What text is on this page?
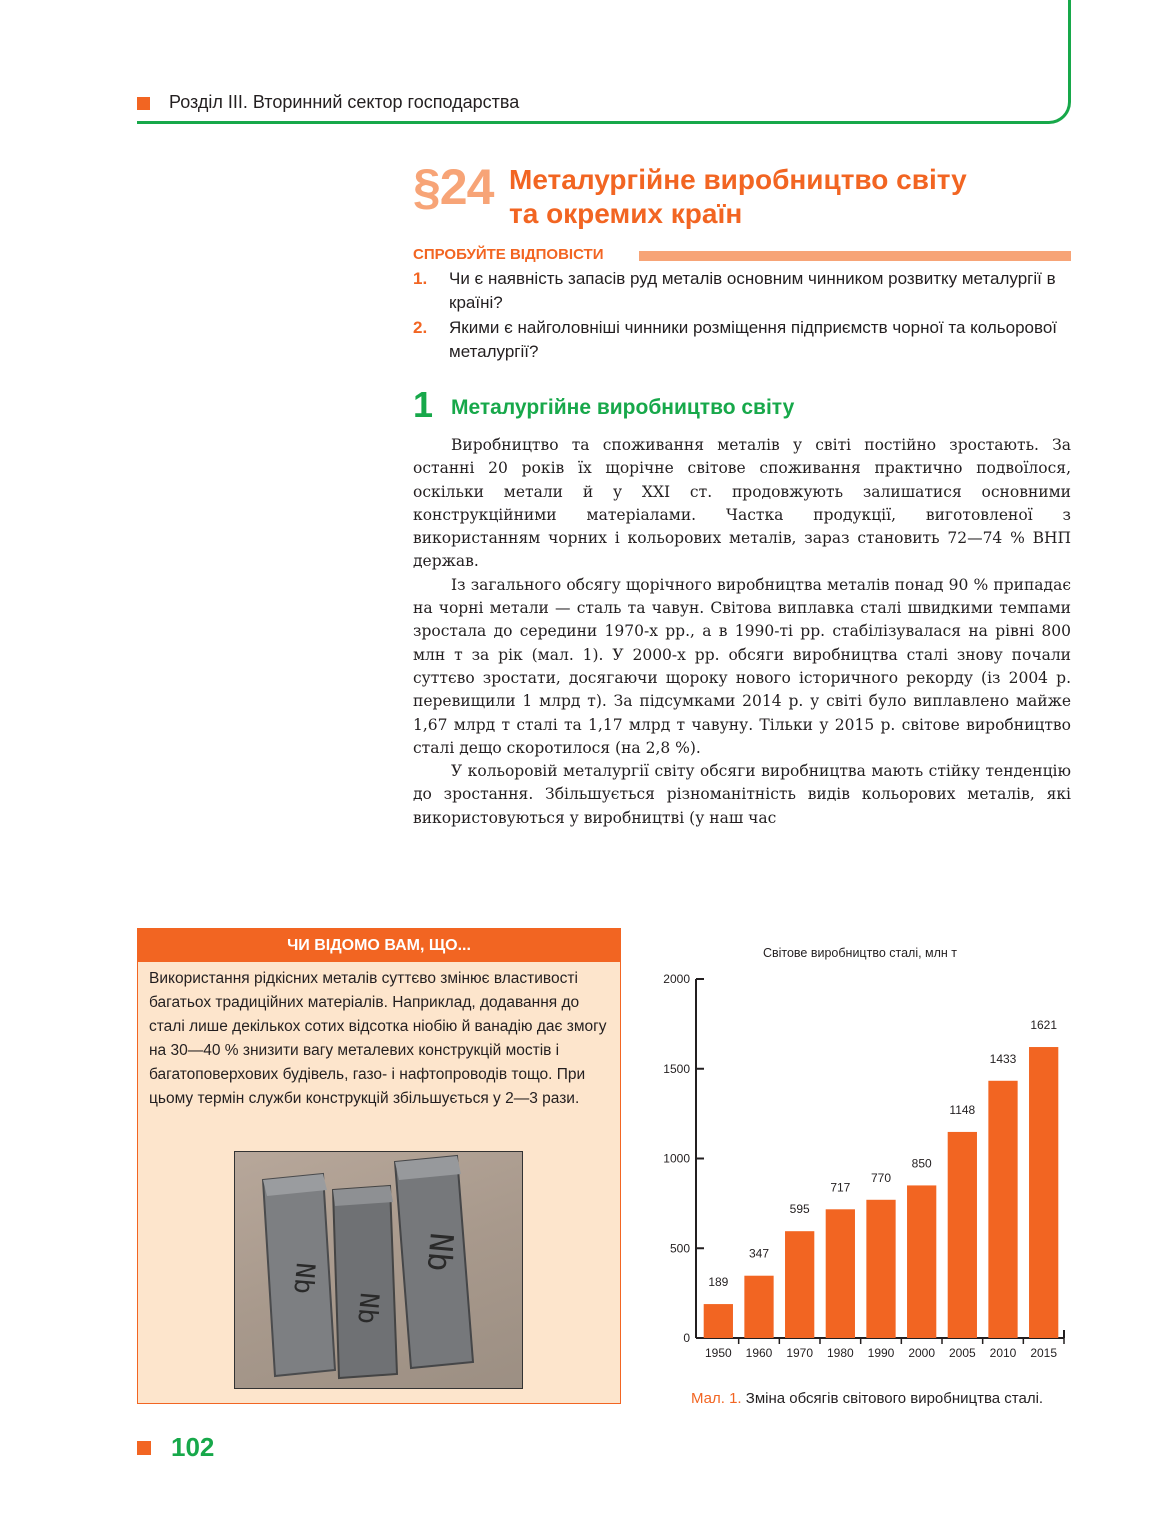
Розділ ІІІ. Вторинний сектор господарства
§24 Металургійне виробництво світу
та окремих країн
СПРОБУЙТЕ ВІДПОВІСТИ
1. Чи є наявність запасів руд металів основним чинником розвитку металургії в країні?
2. Якими є найголовніші чинники розміщення підприємств чорної та кольорової металургії?
1 Металургійне виробництво світу

Виробництво та споживання металів у світі постійно зростають. За останні 20 років їх щорічне світове споживання практично подвоїлося, оскільки метали й у XXI ст. продовжують залишатися основними конструкційними матеріалами. Частка продукції, виготовленої з використанням чорних і кольорових металів, зараз становить 72—74 % ВНП держав.

Із загального обсягу щорічного виробництва металів понад 90 % припадає на чорні метали — сталь та чавун. Світова виплавка сталі швидкими темпами зростала до середини 1970-х рр., а в 1990-ті рр. стабілізувалася на рівні 800 млн т за рік (мал. 1). У 2000-х рр. обсяги виробництва сталі знову почали суттєво зростати, досягаючи щороку нового історичного рекорду (із 2004 р. перевищили 1 млрд т). За підсумками 2014 р. у світі було виплавлено майже 1,67 млрд т сталі та 1,17 млрд т чавуну. Тільки у 2015 р. світове виробництво сталі дещо скоротилося (на 2,8 %).

У кольоровій металургії світу обсяги виробництва мають стійку тенденцію до зростання. Збільшується різноманітність видів кольорових металів, які використовуються у виробництві (у наш час

ЧИ ВІДОМО ВАМ, ЩО...
Використання рідкісних металів суттєво змінює властивості багатьох традиційних матеріалів. Наприклад, додавання до сталі лише декількох сотих відсотка ніобію й ванадію дає змогу на 30—40 % знизити вагу металевих конструкцій мостів і багатоповерхових будівель, газо- і нафтопроводів тощо. При цьому термін служби конструкцій збільшується у 2—3 рази.
Nb
Nb
Nb
Світове виробництво сталі, млн т
0
500
1000
1500
2000
1950 1960 1970 1980 1990 2000 2005 2010 2015
189
347
595
717
770
850
1148
1433
1621
Мал. 1. Зміна обсягів світового виробництва сталі.
102
